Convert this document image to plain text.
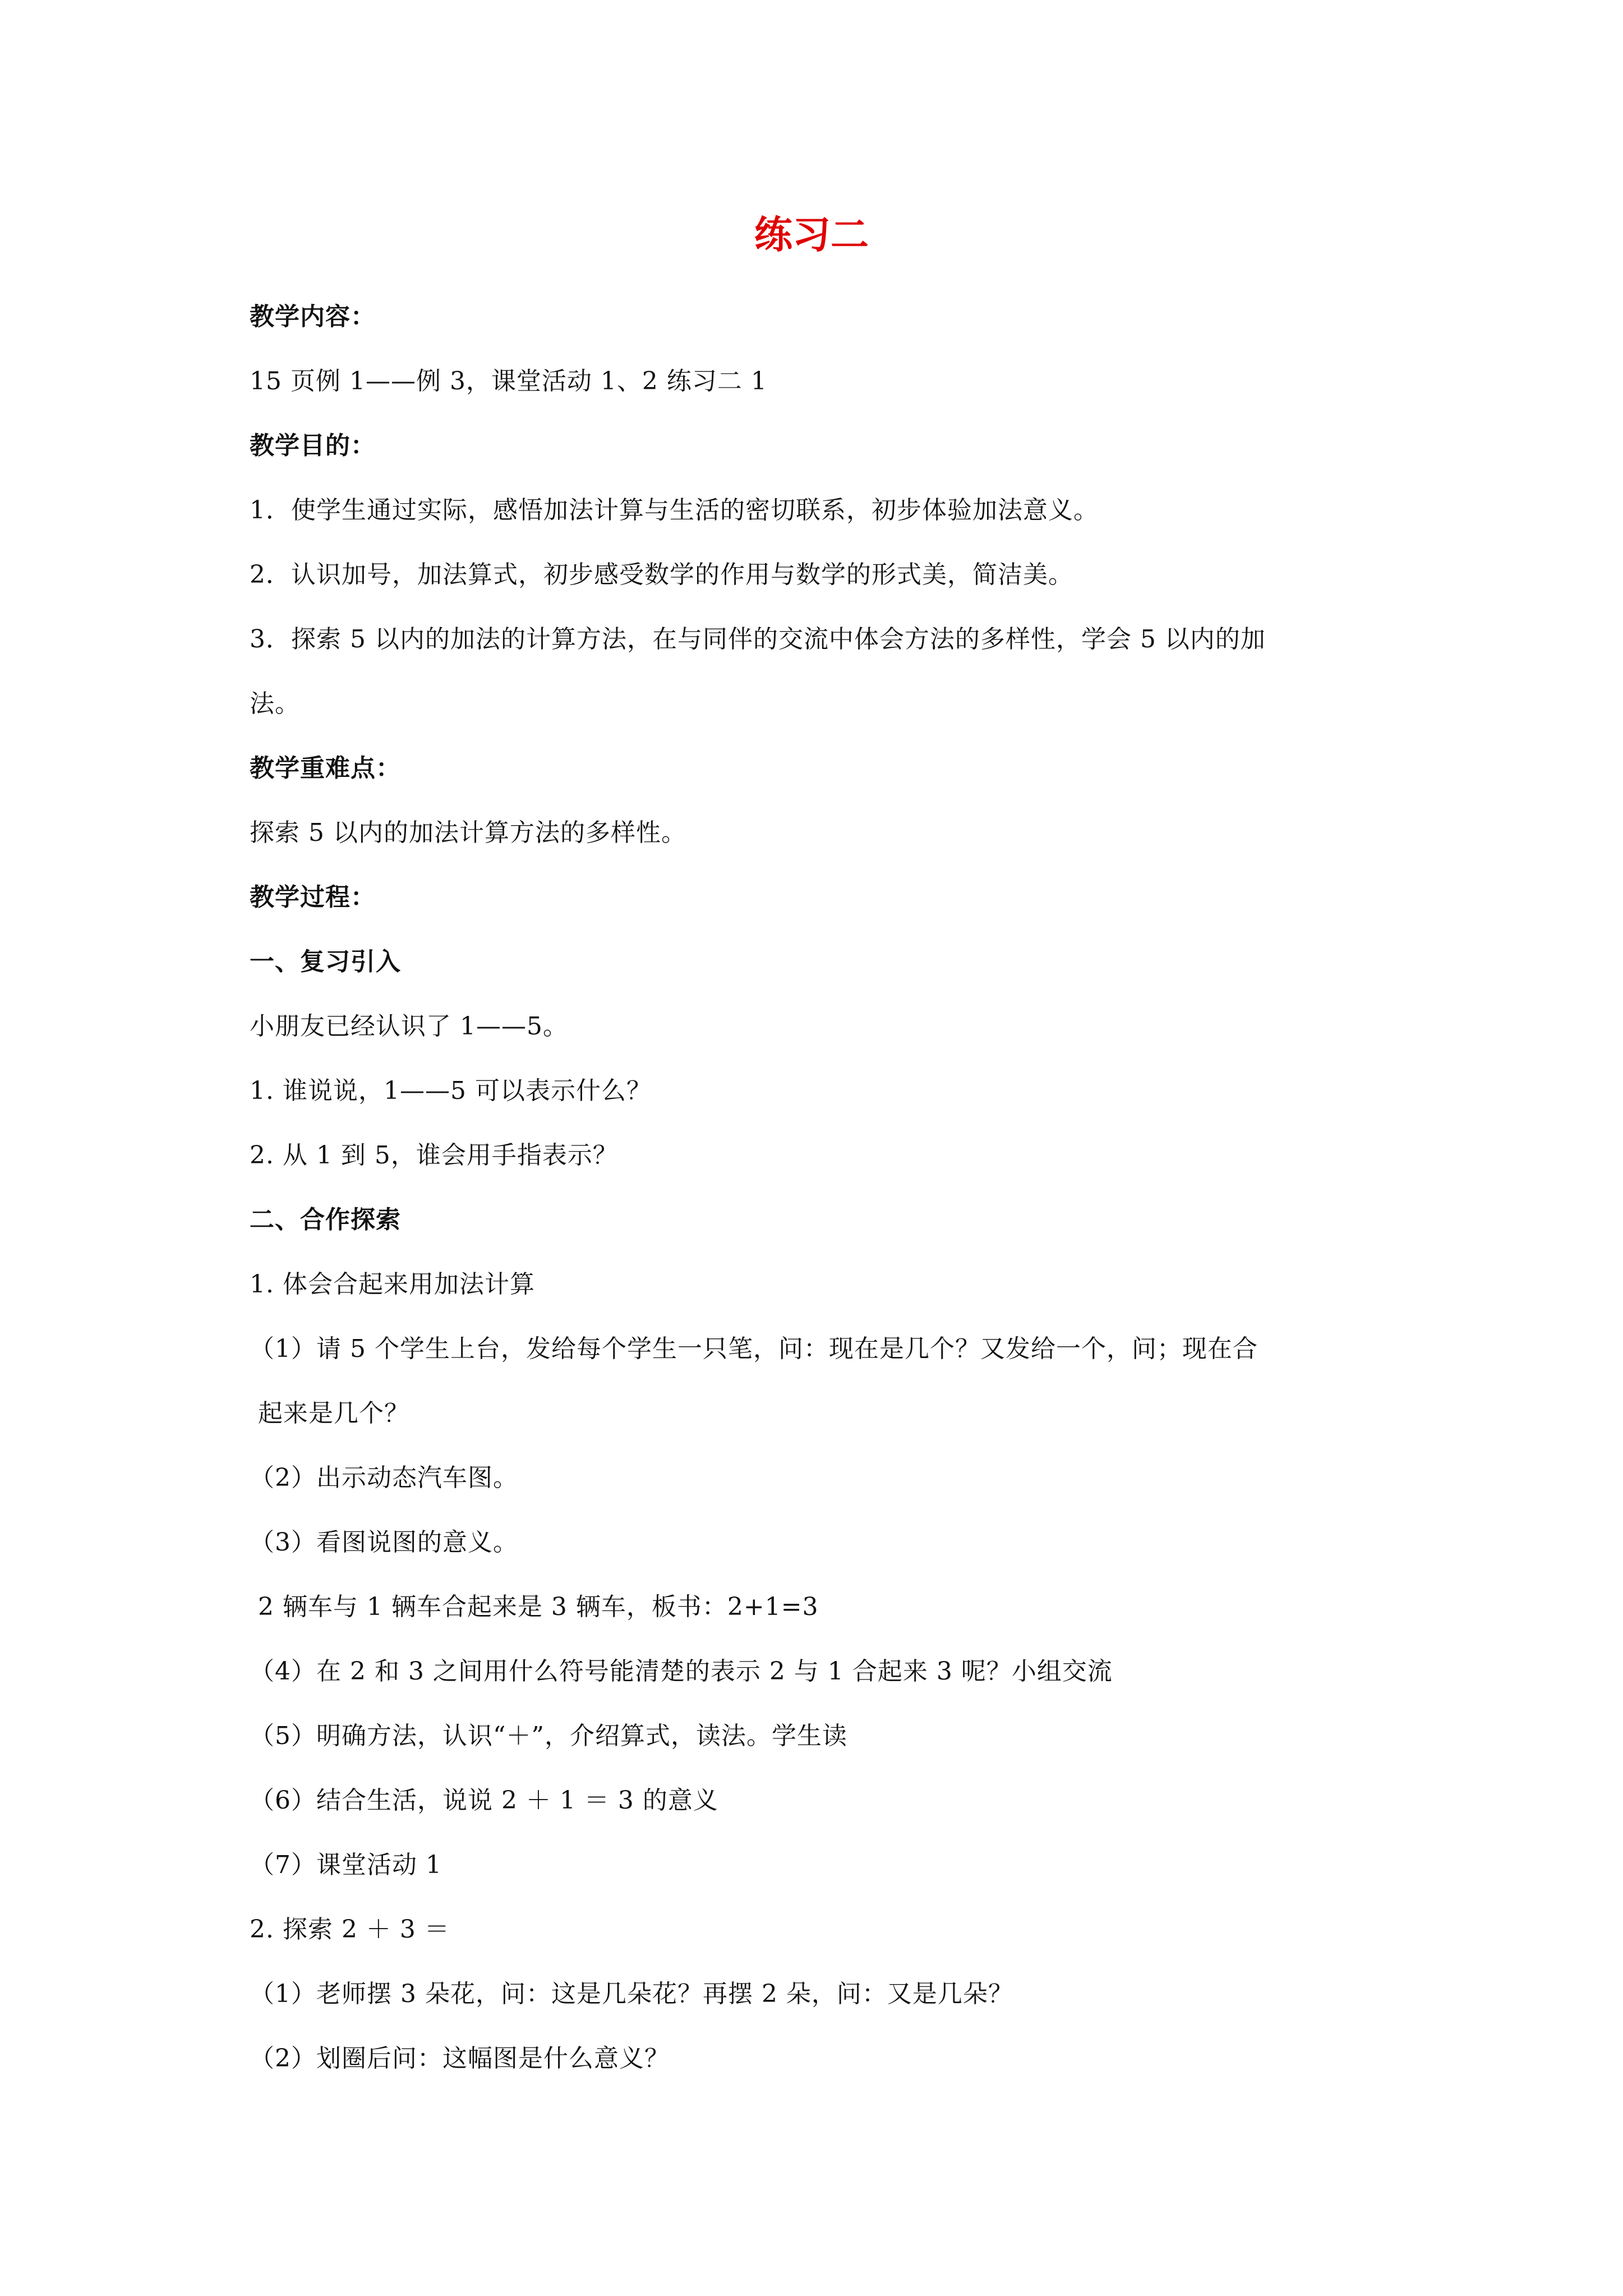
练习二
教学内容：
15 页例 1——例 3，课堂活动 1、2 练习二 1
教学目的：
1．使学生通过实际，感悟加法计算与生活的密切联系，初步体验加法意义。
2．认识加号，加法算式，初步感受数学的作用与数学的形式美，简洁美。
3．探索 5 以内的加法的计算方法，在与同伴的交流中体会方法的多样性，学会 5 以内的加
法。
教学重难点：
探索 5 以内的加法计算方法的多样性。
教学过程：
一、复习引入
小朋友已经认识了 1——5。
1. 谁说说，1——5 可以表示什么？
2. 从 1 到 5，谁会用手指表示？
二、合作探索
1. 体会合起来用加法计算
（1）请 5 个学生上台，发给每个学生一只笔，问：现在是几个？又发给一个，问；现在合
起来是几个？
（2）出示动态汽车图。
（3）看图说图的意义。
2 辆车与 1 辆车合起来是 3 辆车，板书：2+1=3
（4）在 2 和 3 之间用什么符号能清楚的表示 2 与 1 合起来 3 呢？小组交流
（5）明确方法，认识“＋”，介绍算式，读法。学生读
（6）结合生活，说说 2 ＋ 1 ＝ 3 的意义
（7）课堂活动 1
2. 探索 2 ＋ 3 ＝
（1）老师摆 3 朵花，问：这是几朵花？再摆 2 朵，问：又是几朵？
（2）划圈后问：这幅图是什么意义？
